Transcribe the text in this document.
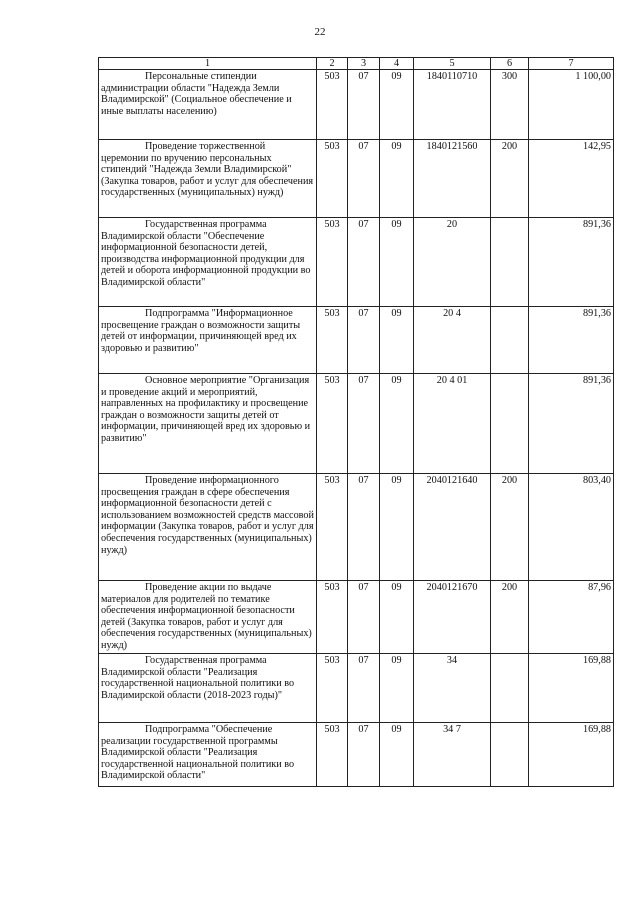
22
1	2	3	4	5	6	7
Персональные стипендии администрации области "Надежда Земли Владимирской" (Социальное обеспечение и иные выплаты населению)	503	07	09	1840110710	300	1 100,00
Проведение торжественной церемонии по вручению персональных стипендий "Надежда Земли Владимирской" (Закупка товаров, работ и услуг для обеспечения государственных (муниципальных) нужд)	503	07	09	1840121560	200	142,95
Государственная программа Владимирской области "Обеспечение информационной безопасности детей, производства информационной продукции для детей и оборота информационной продукции во Владимирской области"	503	07	09	20		891,36
Подпрограмма "Информационное просвещение граждан о возможности защиты детей от информации, причиняющей вред их здоровью и развитию"	503	07	09	20 4		891,36
Основное мероприятие "Организация и проведение акций и мероприятий, направленных на профилактику и просвещение граждан о возможности защиты детей от информации, причиняющей вред их здоровью и развитию"	503	07	09	20 4 01		891,36
Проведение информационного просвещения граждан в сфере обеспечения информационной безопасности детей с использованием возможностей средств массовой информации (Закупка товаров, работ и услуг для обеспечения государственных (муниципальных) нужд)	503	07	09	2040121640	200	803,40
Проведение акции по выдаче материалов для родителей по тематике обеспечения информационной безопасности детей (Закупка товаров, работ и услуг для обеспечения государственных (муниципальных) нужд)	503	07	09	2040121670	200	87,96
Государственная программа Владимирской области "Реализация государственной национальной политики во Владимирской области (2018-2023 годы)"	503	07	09	34		169,88
Подпрограмма "Обеспечение реализации государственной программы Владимирской области "Реализация государственной национальной политики во Владимирской области"	503	07	09	34 7		169,88
